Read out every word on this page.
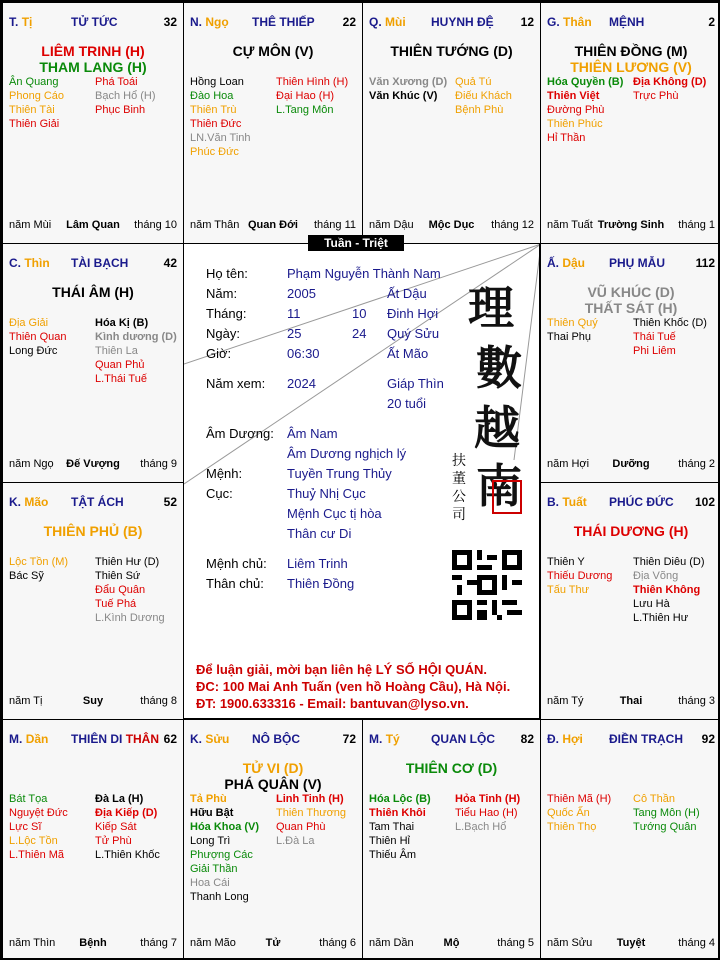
T. Tị	TỬ TỨC	32
LIÊM TRINH (H)
THAM LANG (H)
Ân Quang
Phong Cáo
Thiên Tài
Thiên Giải
Phá Toái
Bạch Hổ (H)
Phục Binh
năm Mùi	Lâm Quan	tháng 10
N. Ngọ THÊ THIẾP 22
CỰ MÔN (V)
Hồng Loan
Đào Hoa
Thiên Trù
Thiên Đức
LN.Văn Tinh
Phúc Đức
Thiên Hình (H)
Đại Hao (H)
L.Tang Môn
năm Thân Quan Đới	tháng 11
Q. Mùi HUYNH ĐỆ 12
THIÊN TƯỚNG (D)
Văn Xương (D)
Văn Khúc (V)
Quả Tú
Điếu Khách
Bệnh Phù
năm Dậu	Mộc Dục	tháng 12
G. Thân MỆNH	2
THIÊN ĐỒNG (M)
THIÊN LƯƠNG (V)
Hóa Quyền (B)
Thiên Việt
Đường Phù
Thiên Phúc
Hỉ Thần
Địa Không (D)
Trực Phù
năm Tuất Trường Sinh	tháng 1
C. Thìn TÀI BẠCH	42
THÁI ÂM (H)
Địa Giải
Thiên Quan
Long Đức
Hóa Kị (B)
Kình dương (D)
Thiên La
Quan Phủ
L.Thái Tuế
năm Ngọ	Đế Vượng	tháng 9
Ấ. Dậu PHỤ MẪU	112
VŨ KHÚC (D)
THẤT SÁT (H)
Thiên Quý
Thai Phụ
Thiên Khốc (D)
Thái Tuế
Phi Liêm
năm Hợi	Dưỡng	tháng 2
K. Mão TẬT ÁCH	52
THIÊN PHỦ (B)
Lộc Tồn (M)
Bác Sỹ
Thiên Hư (D)
Thiên Sứ
Đẩu Quân
Tuế Phá
L.Kình Dương
năm Tị	Suy	tháng 8
B. Tuất PHÚC ĐỨC 102
THÁI DƯƠNG (H)
Thiên Y
Thiếu Dương
Tấu Thư
Thiên Diêu (D)
Địa Võng
Thiên Không
Lưu Hà
L.Thiên Hư
năm Tý	Thai	tháng 3
M. Dần THIÊN DI THÂN 62
Bát Tọa
Nguyệt Đức
Lực Sĩ
L.Lộc Tồn
L.Thiên Mã
Đà La (H)
Địa Kiếp (D)
Kiếp Sát
Tử Phù
L.Thiên Khốc
năm Thìn	Bệnh	tháng 7
K. Sửu NÔ BỘC	72
TỬ VI (D)
PHÁ QUÂN (V)
Tả Phù
Hữu Bật
Hóa Khoa (V)
Long Trì
Phượng Các
Giải Thần
Hoa Cái
Thanh Long
Linh Tinh (H)
Thiên Thương
Quan Phù
L.Đà La
năm Mão	Tử	tháng 6
M. Tý	QUAN LỘC 82
THIÊN CƠ (D)
Hóa Lộc (B)
Thiên Khôi
Tam Thai
Thiên Hỉ
Thiếu Âm
Hỏa Tinh (H)
Tiểu Hao (H)
L.Bạch Hổ
năm Dần	Mộ	tháng 5
Đ. Hợi ĐIỀN TRẠCH 92
Thiên Mã (H)
Quốc Ấn
Thiên Thọ
Cô Thần
Tang Môn (H)
Tướng Quân
năm Sửu	Tuyệt	tháng 4
Họ tên:	Phạm Nguyễn Thành Nam
Năm:	2005	Ất Dậu
Tháng:	11	10 Đinh Hợi
Ngày:	25	24 Quý Sửu
Giờ:	06:30	Ất Mão
Năm xem: 2024	Giáp Thìn
20 tuổi
Âm Dương: Âm Nam
Âm Dương nghịch lý
Mệnh:	Tuyền Trung Thủy
Cục:	Thuỷ Nhị Cục
Mệnh Cục tị hòa
Thân cư Di
Mệnh chủ: Liêm Trinh
Thân chủ: Thiên Đồng
理
數
越
南
扶
董
公
司
Để luận giải, mời bạn liên hệ LÝ SỐ HỘI QUÁN.
ĐC: 100 Mai Anh Tuấn (ven hồ Hoàng Cầu), Hà Nội.
ĐT: 1900.633316 - Email: bantuvan@lyso.vn.
Tuần - Triệt
